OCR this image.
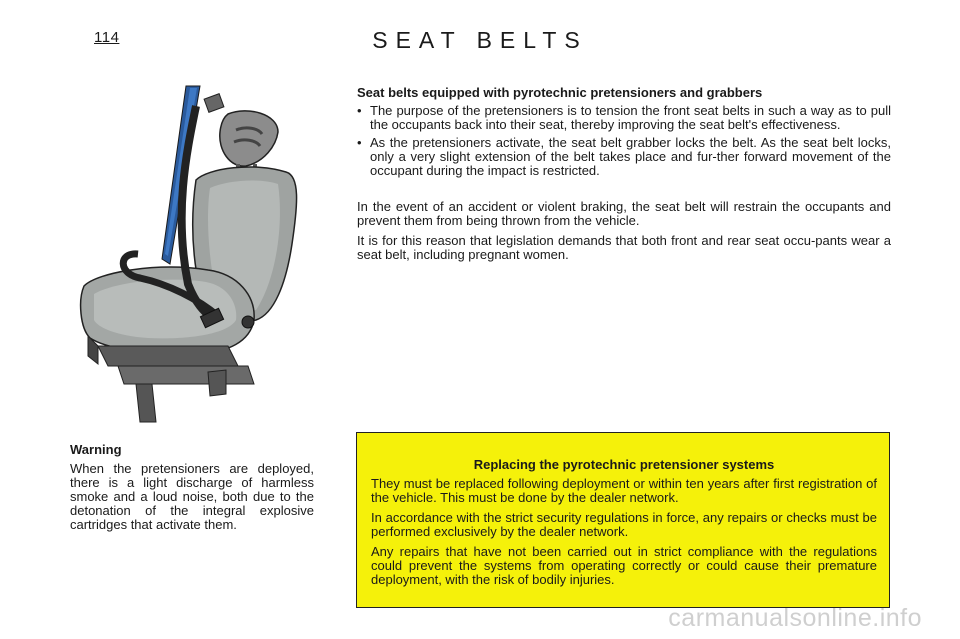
114	SEAT BELTS
Seat belts equipped with pyrotechnic pretensioners and grabbers
• The purpose of the pretensioners is to tension the front seat belts in such a way as to pull the occupants back into their seat, thereby improving the seat belt's effectiveness.
• As the pretensioners activate, the seat belt grabber locks the belt. As the seat belt locks, only a very slight extension of the belt takes place and fur-ther forward movement of the occupant during the impact is restricted.

In the event of an accident or violent braking, the seat belt will restrain the occupants and prevent them from being thrown from the vehicle.

It is for this reason that legislation demands that both front and rear seat occu-pants wear a seat belt, including pregnant women.

Warning

When the pretensioners are deployed, there is a light discharge of harmless smoke and a loud noise, both due to the detonation of the integral explosive cartridges that activate them.

Replacing the pyrotechnic pretensioner systems

They must be replaced following deployment or within ten years after first registration of the vehicle. This must be done by the dealer network.

In accordance with the strict security regulations in force, any repairs or checks must be performed exclusively by the dealer network.

Any repairs that have not been carried out in strict compliance with the regulations could prevent the systems from operating correctly or could cause their premature deployment, with the risk of bodily injuries.

carmanualsonline.info
